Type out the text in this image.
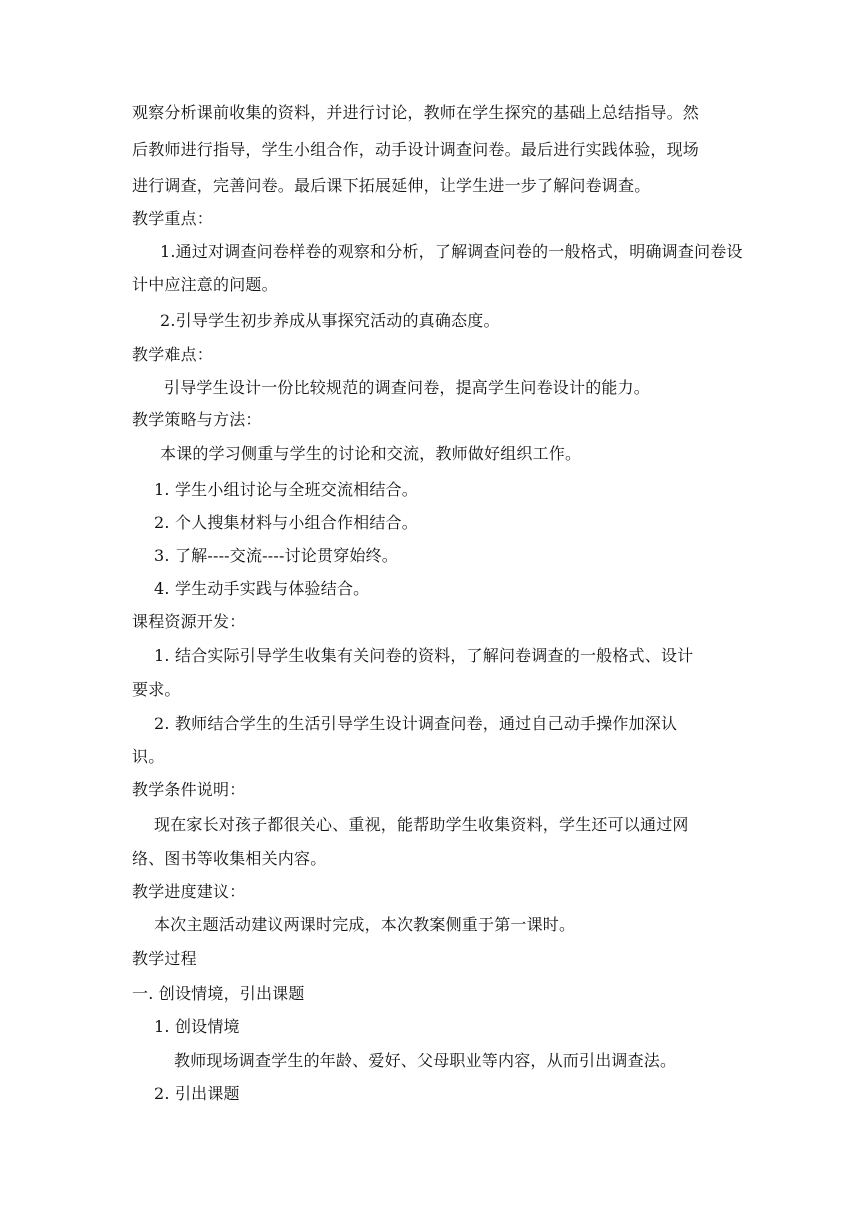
观察分析课前收集的资料，并进行讨论，教师在学生探究的基础上总结指导。然
后教师进行指导，学生小组合作，动手设计调查问卷。最后进行实践体验，现场
进行调查，完善问卷。最后课下拓展延伸，让学生进一步了解问卷调查。
教学重点：
1.通过对调查问卷样卷的观察和分析，了解调查问卷的一般格式，明确调查问卷设
计中应注意的问题。
2.引导学生初步养成从事探究活动的真确态度。
教学难点：
引导学生设计一份比较规范的调查问卷，提高学生问卷设计的能力。
教学策略与方法：
本课的学习侧重与学生的讨论和交流，教师做好组织工作。
1. 学生小组讨论与全班交流相结合。
2. 个人搜集材料与小组合作相结合。
3. 了解----交流----讨论贯穿始终。
4. 学生动手实践与体验结合。
课程资源开发：
1. 结合实际引导学生收集有关问卷的资料，了解问卷调查的一般格式、设计
要求。
2. 教师结合学生的生活引导学生设计调查问卷，通过自己动手操作加深认
识。
教学条件说明：
现在家长对孩子都很关心、重视，能帮助学生收集资料，学生还可以通过网
络、图书等收集相关内容。
教学进度建议：
本次主题活动建议两课时完成，本次教案侧重于第一课时。
教学过程
一. 创设情境，引出课题
1. 创设情境
教师现场调查学生的年龄、爱好、父母职业等内容，从而引出调查法。
2. 引出课题
